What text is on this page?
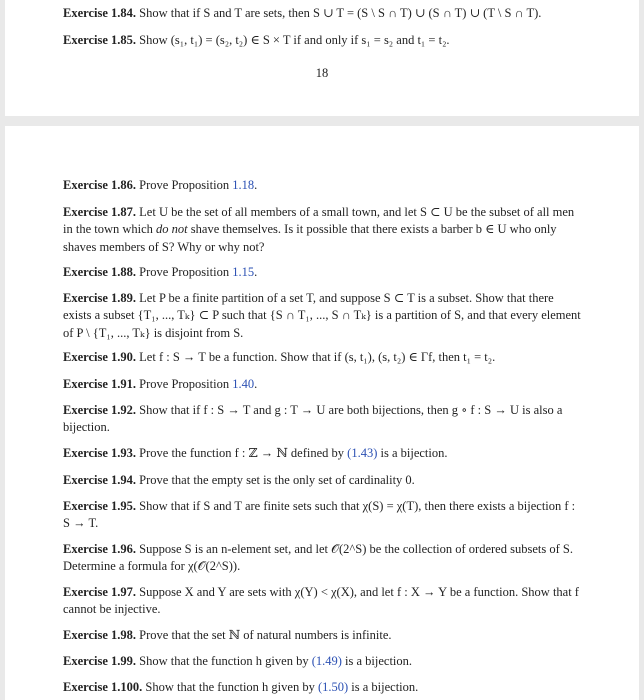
Exercise 1.84. Show that if S and T are sets, then S ∪ T = (S \ S ∩ T) ∪ (S ∩ T) ∪ (T \ S ∩ T).
Exercise 1.85. Show (s₁, t₁) = (s₂, t₂) ∈ S × T if and only if s₁ = s₂ and t₁ = t₂.
18
Exercise 1.86. Prove Proposition 1.18.
Exercise 1.87. Let U be the set of all members of a small town, and let S ⊂ U be the subset of all men in the town which do not shave themselves. Is it possible that there exists a barber b ∈ U who only shaves members of S? Why or why not?
Exercise 1.88. Prove Proposition 1.15.
Exercise 1.89. Let P be a finite partition of a set T, and suppose S ⊂ T is a subset. Show that there exists a subset {T₁, ..., Tₖ} ⊂ P such that {S ∩ T₁, ..., S ∩ Tₖ} is a partition of S, and that every element of P \ {T₁, ..., Tₖ} is disjoint from S.
Exercise 1.90. Let f : S → T be a function. Show that if (s, t₁), (s, t₂) ∈ Γf, then t₁ = t₂.
Exercise 1.91. Prove Proposition 1.40.
Exercise 1.92. Show that if f : S → T and g : T → U are both bijections, then g ∘ f : S → U is also a bijection.
Exercise 1.93. Prove the function f : ℤ → ℕ defined by (1.43) is a bijection.
Exercise 1.94. Prove that the empty set is the only set of cardinality 0.
Exercise 1.95. Show that if S and T are finite sets such that χ(S) = χ(T), then there exists a bijection f : S → T.
Exercise 1.96. Suppose S is an n-element set, and let 𝒪(2^S) be the collection of ordered subsets of S. Determine a formula for χ(𝒪(2^S)).
Exercise 1.97. Suppose X and Y are sets with χ(Y) < χ(X), and let f : X → Y be a function. Show that f cannot be injective.
Exercise 1.98. Prove that the set ℕ of natural numbers is infinite.
Exercise 1.99. Show that the function h given by (1.49) is a bijection.
Exercise 1.100. Show that the function h given by (1.50) is a bijection.
